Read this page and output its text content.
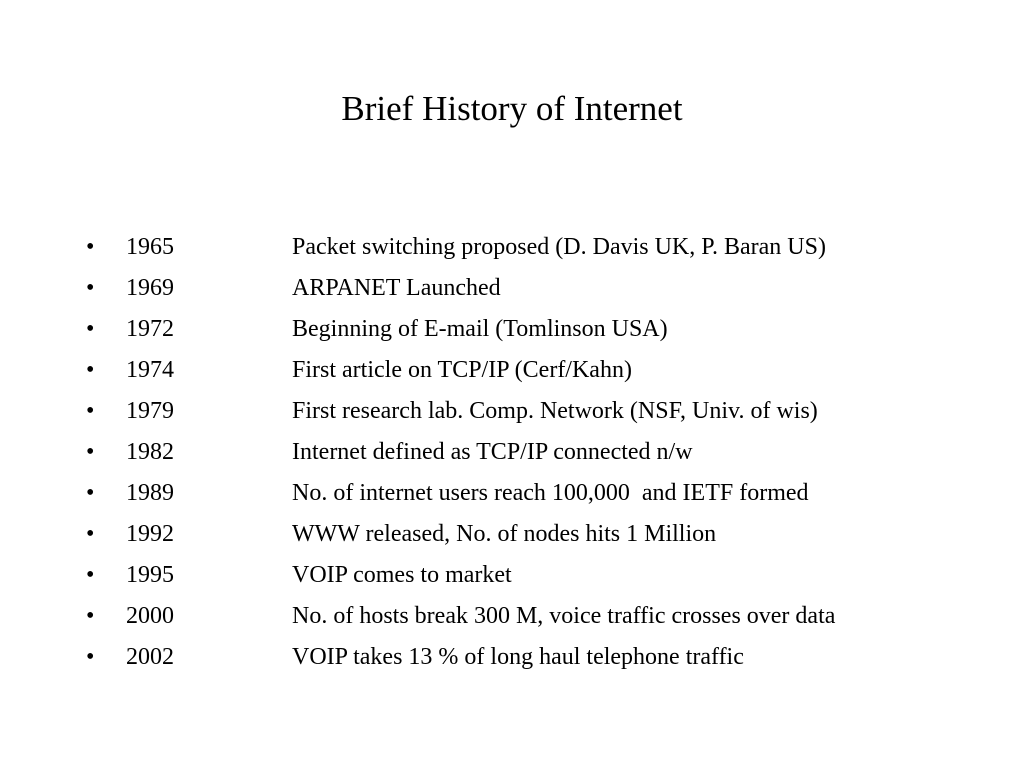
Brief History of Internet
•	1965	Packet switching proposed (D. Davis UK, P. Baran US)
•	1969	ARPANET Launched
•	1972	Beginning of E-mail (Tomlinson USA)
•	1974	First article on TCP/IP (Cerf/Kahn)
•	1979	First research lab. Comp. Network (NSF, Univ. of wis)
•	1982	Internet defined as TCP/IP connected n/w
•	1989	No. of internet users reach 100,000  and IETF formed
•	1992	WWW released, No. of nodes hits 1 Million
•	1995	VOIP comes to market
•	2000	No. of hosts break 300 M, voice traffic crosses over data
•	2002	VOIP takes 13 % of long haul telephone traffic
